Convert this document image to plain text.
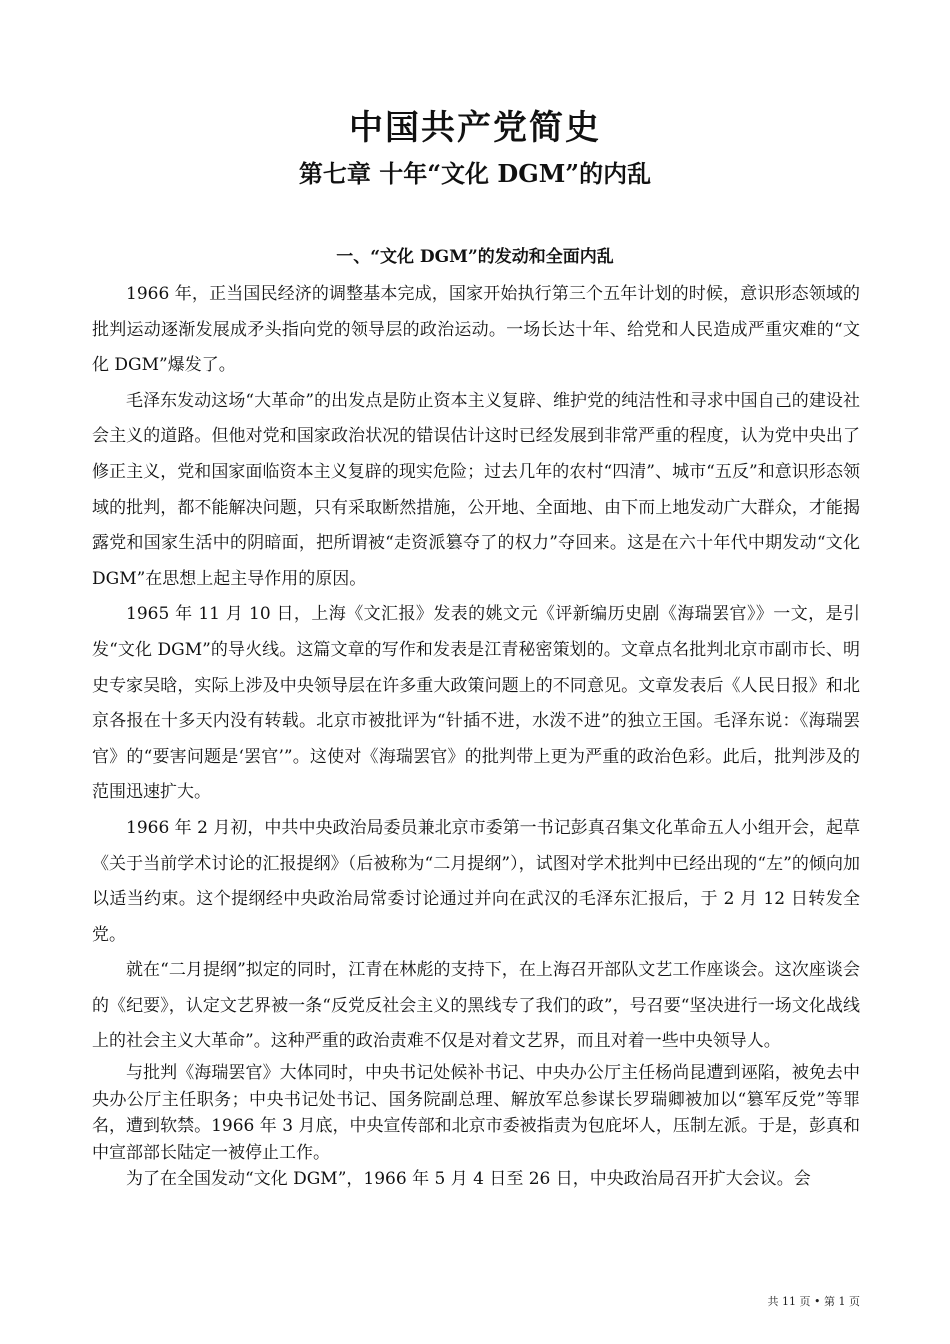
中国共产党简史
第七章 十年“文化 DGM”的内乱
一、“文化 DGM”的发动和全面内乱

1966 年，正当国民经济的调整基本完成，国家开始执行第三个五年计划的时候，意识形态领域的批判运动逐渐发展成矛头指向党的领导层的政治运动。一场长达十年、给党和人民造成严重灾难的“文化 DGM”爆发了。

毛泽东发动这场“大革命”的出发点是防止资本主义复辟、维护党的纯洁性和寻求中国自己的建设社会主义的道路。但他对党和国家政治状况的错误估计这时已经发展到非常严重的程度，认为党中央出了修正主义，党和国家面临资本主义复辟的现实危险；过去几年的农村“四清”、城市“五反”和意识形态领域的批判，都不能解决问题，只有采取断然措施，公开地、全面地、由下而上地发动广大群众，才能揭露党和国家生活中的阴暗面，把所谓被“走资派篡夺了的权力”夺回来。这是在六十年代中期发动“文化 DGM”在思想上起主导作用的原因。

1965 年 11 月 10 日，上海《文汇报》发表的姚文元《评新编历史剧《海瑞罢官》》一文，是引发“文化 DGM”的导火线。这篇文章的写作和发表是江青秘密策划的。文章点名批判北京市副市长、明史专家吴晗，实际上涉及中央领导层在许多重大政策问题上的不同意见。文章发表后《人民日报》和北京各报在十多天内没有转载。北京市被批评为“针插不进，水泼不进”的独立王国。毛泽东说：《海瑞罢官》的“要害问题是‘罢官’”。这使对《海瑞罢官》的批判带上更为严重的政治色彩。此后，批判涉及的范围迅速扩大。

1966 年 2 月初，中共中央政治局委员兼北京市委第一书记彭真召集文化革命五人小组开会，起草《关于当前学术讨论的汇报提纲》（后被称为“二月提纲”），试图对学术批判中已经出现的“左”的倾向加以适当约束。这个提纲经中央政治局常委讨论通过并向在武汉的毛泽东汇报后，于 2 月 12 日转发全党。

就在“二月提纲”拟定的同时，江青在林彪的支持下，在上海召开部队文艺工作座谈会。这次座谈会的《纪要》，认定文艺界被一条“反党反社会主义的黑线专了我们的政”，号召要“坚决进行一场文化战线上的社会主义大革命”。这种严重的政治责难不仅是对着文艺界，而且对着一些中央领导人。

与批判《海瑞罢官》大体同时，中央书记处候补书记、中央办公厅主任杨尚昆遭到诬陷，被免去中央办公厅主任职务；中央书记处书记、国务院副总理、解放军总参谋长罗瑞卿被加以“篡军反党”等罪名，遭到软禁。1966 年 3 月底，中央宣传部和北京市委被指责为包庇坏人，压制左派。于是，彭真和中宣部部长陆定一被停止工作。

为了在全国发动“文化 DGM”，1966 年 5 月 4 日至 26 日，中央政治局召开扩大会议。会

共 11 页 • 第 1 页
